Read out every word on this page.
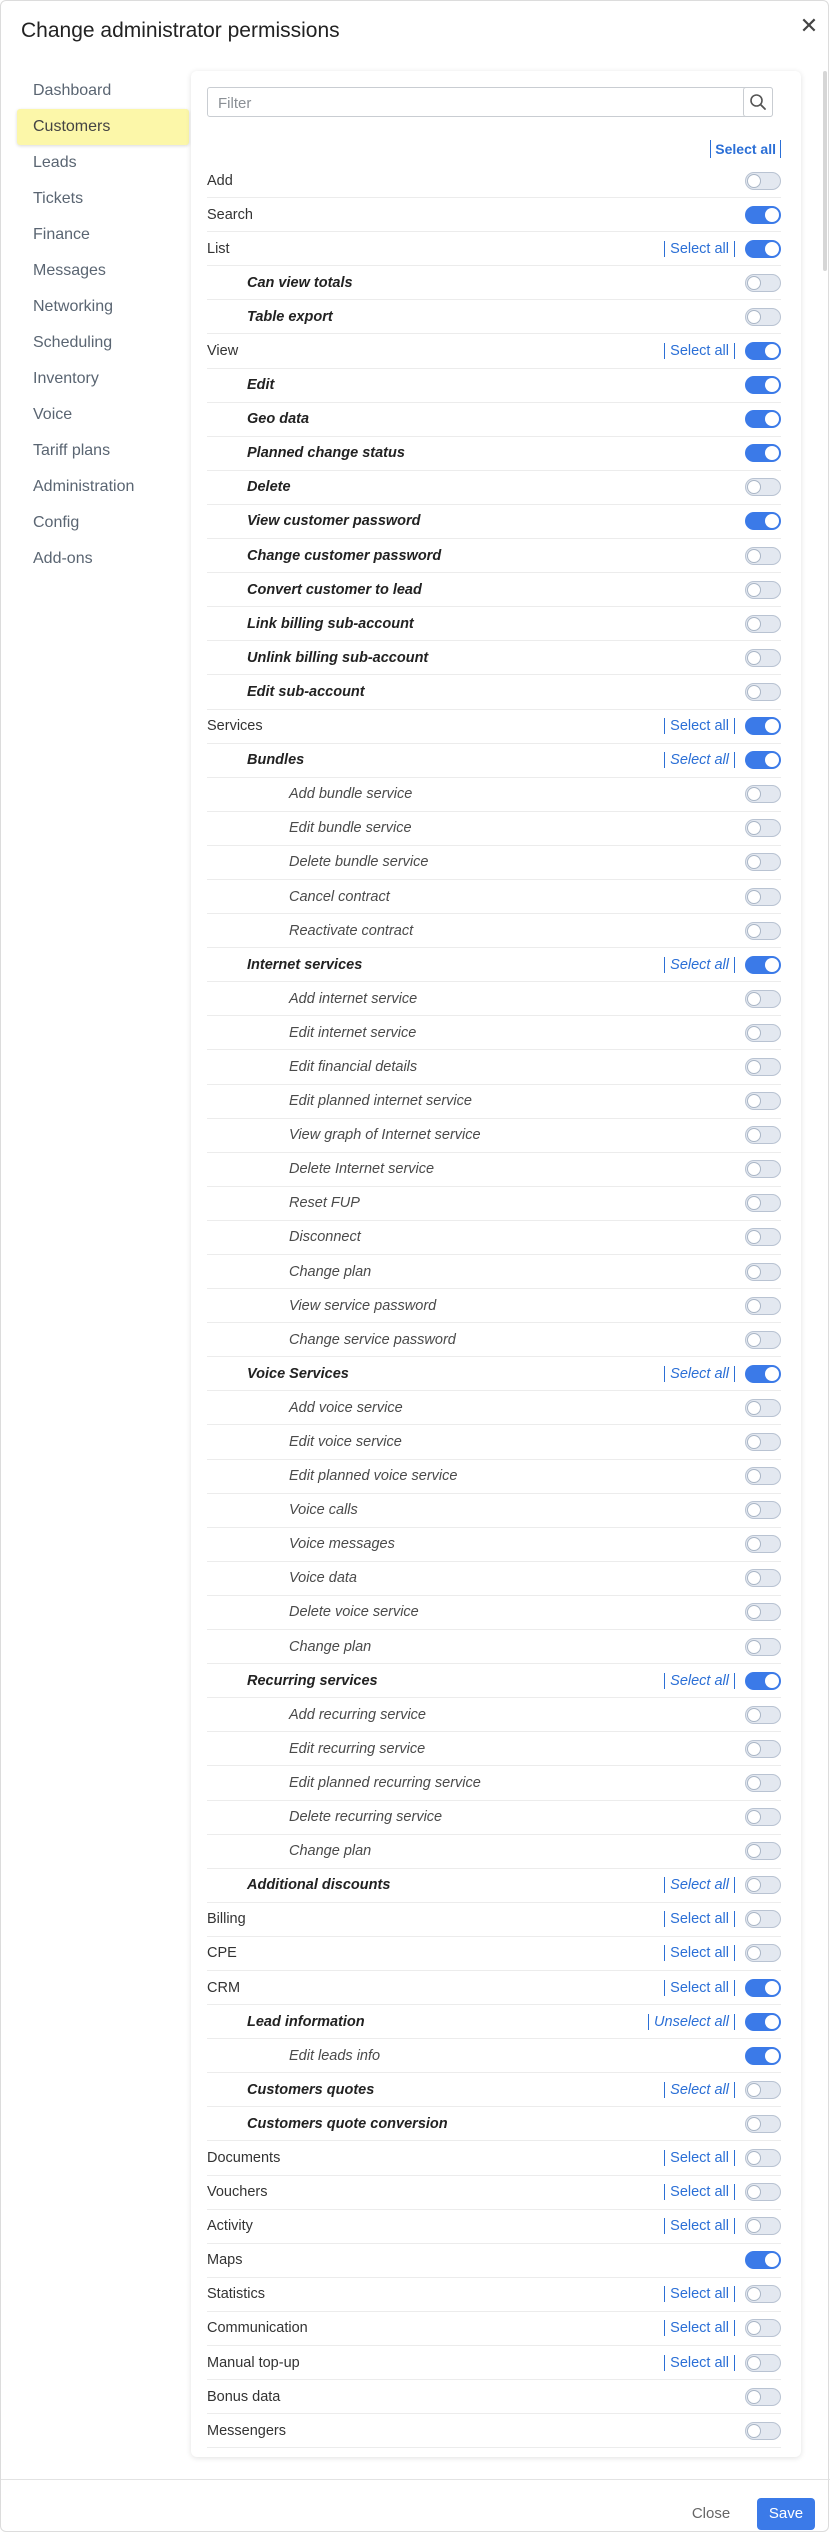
Change administrator permissions	✕
Dashboard
Customers
Leads
Tickets
Finance
Messages
Networking
Scheduling
Inventory
Voice
Tariff plans
Administration
Config
Add-ons
Filter
Select all
Add
Search
List	Select all
Can view totals
Table export
View	Select all
Edit
Geo data
Planned change status
Delete
View customer password
Change customer password
Convert customer to lead
Link billing sub-account
Unlink billing sub-account
Edit sub-account
Services	Select all
Bundles	Select all
Add bundle service
Edit bundle service
Delete bundle service
Cancel contract
Reactivate contract
Internet services	Select all
Add internet service
Edit internet service
Edit financial details
Edit planned internet service
View graph of Internet service
Delete Internet service
Reset FUP
Disconnect
Change plan
View service password
Change service password
Voice Services	Select all
Add voice service
Edit voice service
Edit planned voice service
Voice calls
Voice messages
Voice data
Delete voice service
Change plan
Recurring services	Select all
Add recurring service
Edit recurring service
Edit planned recurring service
Delete recurring service
Change plan
Additional discounts	Select all
Billing	Select all
CPE	Select all
CRM	Select all
Lead information	Unselect all
Edit leads info
Customers quotes	Select all
Customers quote conversion
Documents	Select all
Vouchers	Select all
Activity	Select all
Maps
Statistics	Select all
Communication	Select all
Manual top-up	Select all
Bonus data
Messengers
Close	Save
